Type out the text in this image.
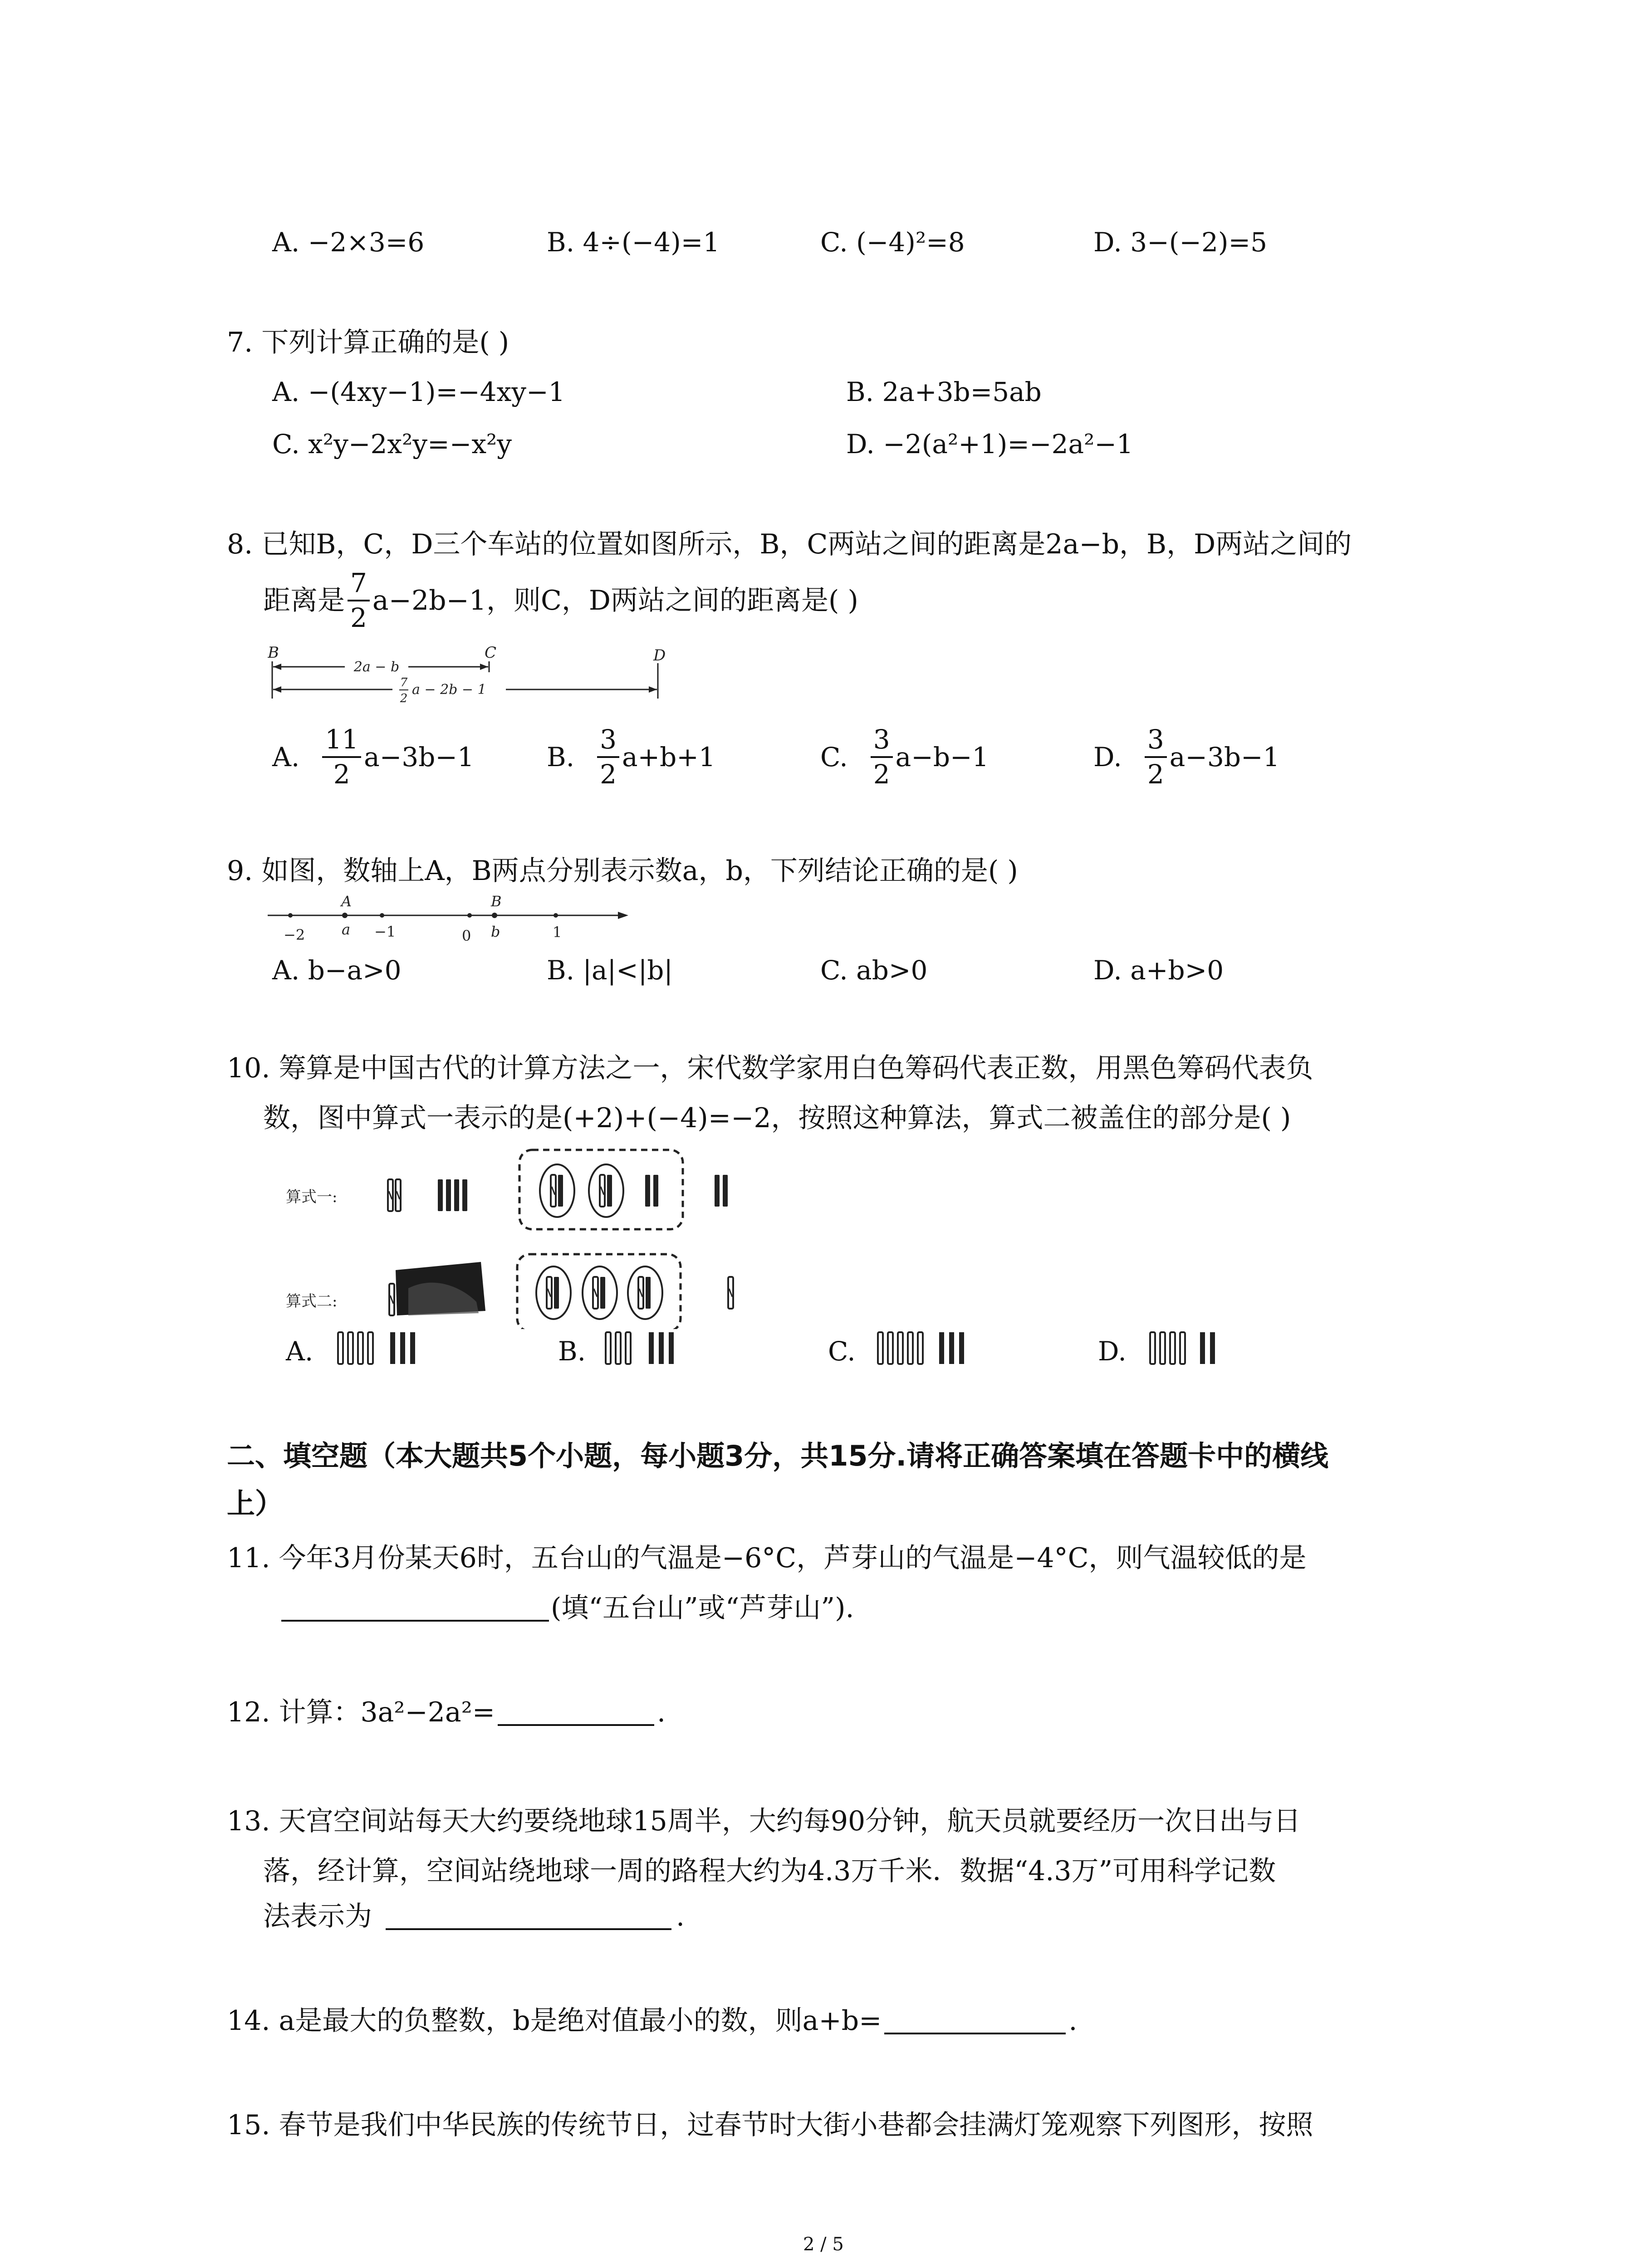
A. −2×3=6	B. 4÷(−4)=1	C. (−4)²=8	D. 3−(−2)=5
7. 下列计算正确的是( )
A. −(4xy−1)=−4xy−1	B. 2a+3b=5ab
C. x²y−2x²y=−x²y	D. −2(a²+1)=−2a²−1
8. 已知B，C，D三个车站的位置如图所示，B，C两站之间的距离是2a−b，B，D两站之间的
距离是 $\frac{7}{2} a-2b-1$，则C，D两站之间的距离是( )
B	C	D
2a − b
7
2
a − 2b − 1
A. $\frac{11}{2} a-3b-1$	B. $\frac{3}{2} a+b+1$	C. $\frac{3}{2} a-b-1$	D. $\frac{3}{2} a-3b-1$
9. 如图，数轴上A，B两点分别表示数a，b，下列结论正确的是( )
A	B
−2	a −1	0 b	1
A. b−a>0	B. |a|<|b|	C. ab>0	D. a+b>0
10. 筹算是中国古代的计算方法之一，宋代数学家用白色筹码代表正数，用黑色筹码代表负
数，图中算式一表示的是(+2)+(−4)=−2，按照这种算法，算式二被盖住的部分是( )
算式一:
算式二:
A.	B.	C.	D.
二、填空题（本大题共5个小题，每小题3分，共15分.请将正确答案填在答题卡中的横线
上）
11. 今年3月份某天6时，五台山的气温是−6°C，芦芽山的气温是−4°C，则气温较低的是
(填“五台山”或“芦芽山”).
12. 计算：3a²−2a²=	.
13. 天宫空间站每天大约要绕地球15周半，大约每90分钟，航天员就要经历一次日出与日
落，经计算，空间站绕地球一周的路程大约为4.3万千米．数据“4.3万”可用科学记数
法表示为	.
14. a是最大的负整数，b是绝对值最小的数，则a+b=	.
15. 春节是我们中华民族的传统节日，过春节时大街小巷都会挂满灯笼观察下列图形，按照
2 / 5
